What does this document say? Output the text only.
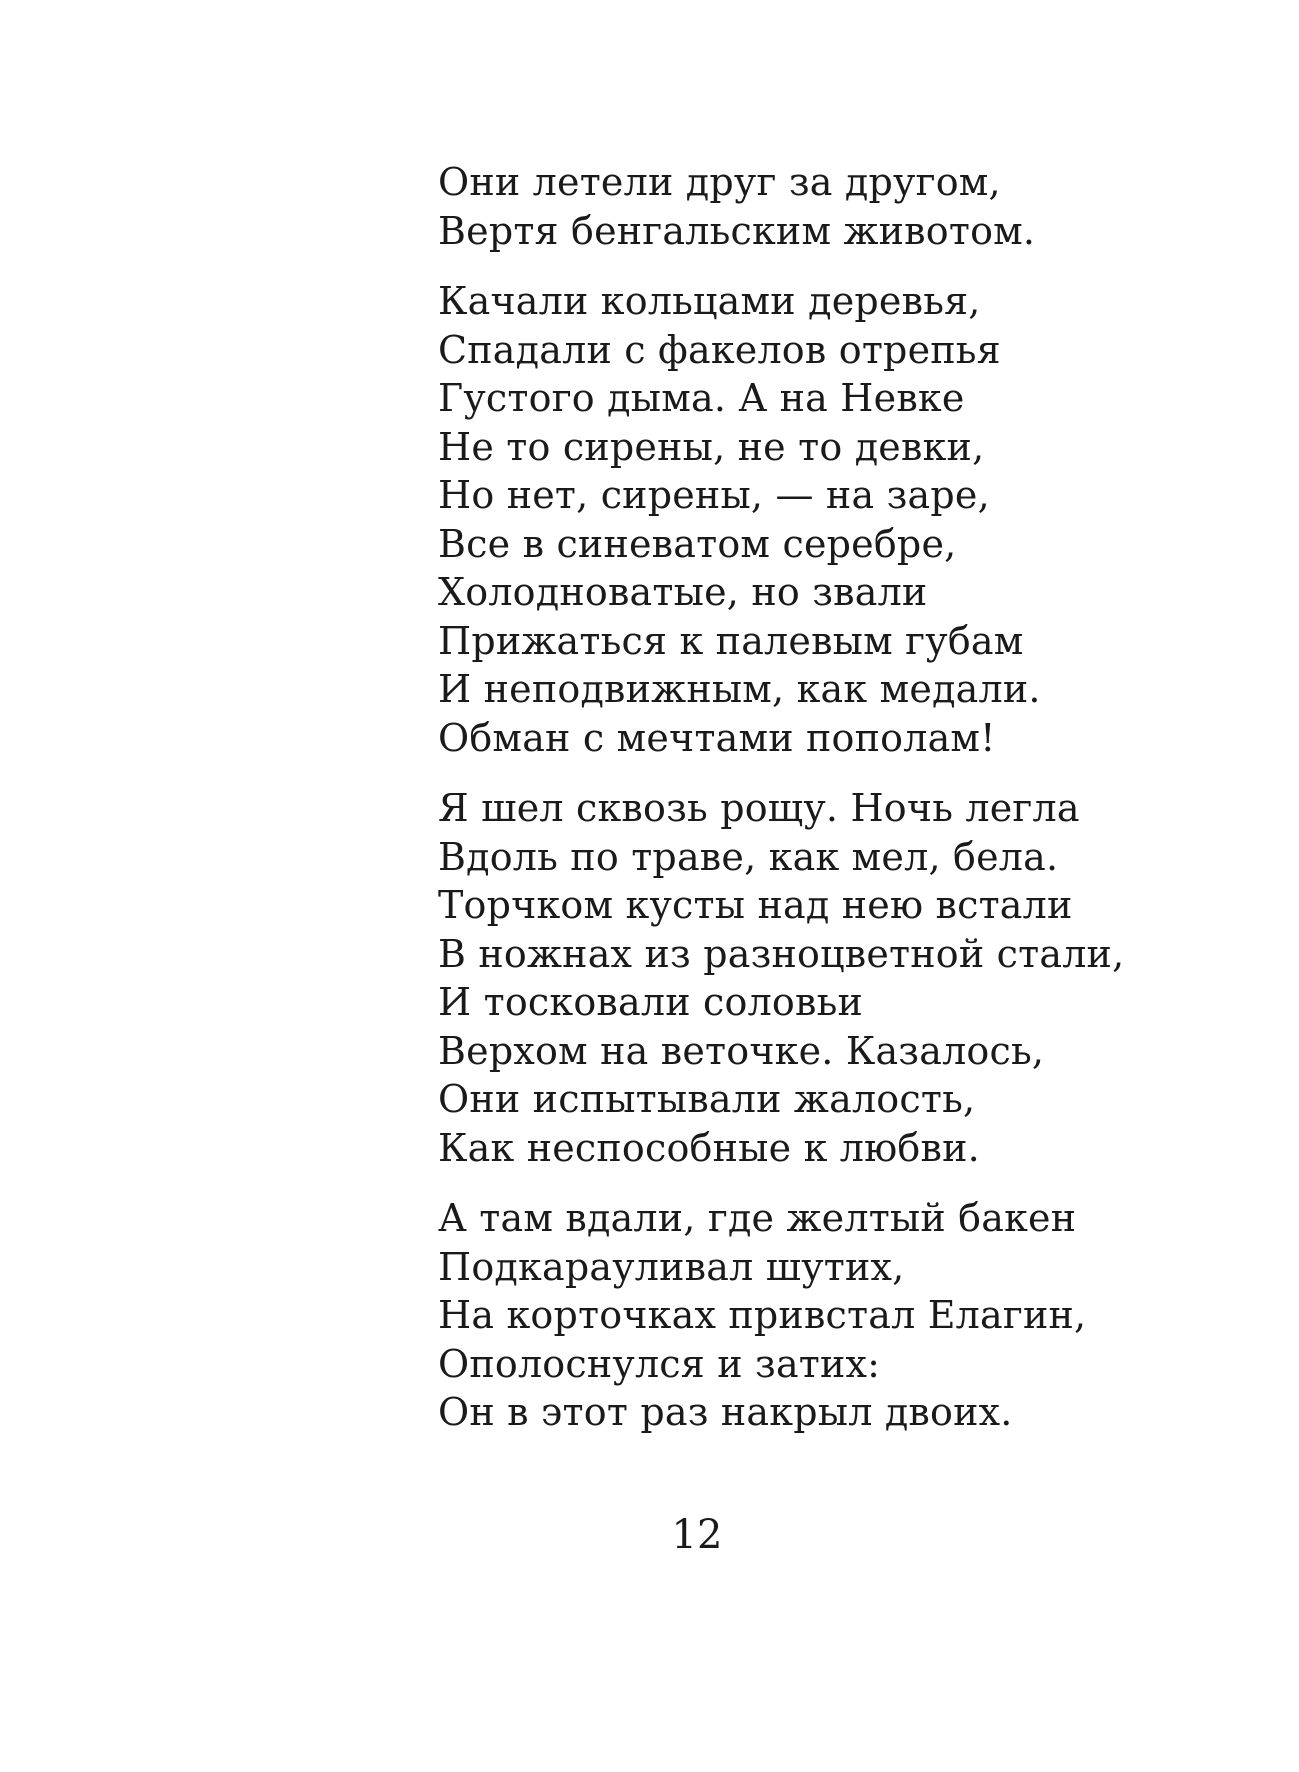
Они летели друг за другом,
Вертя бенгальским животом.
Качали кольцами деревья,
Спадали с факелов отрепья
Густого дыма. А на Невке
Не то сирены, не то девки,
Но нет, сирены, — на заре,
Все в синеватом серебре,
Холодноватые, но звали
Прижаться к палевым губам
И неподвижным, как медали.
Обман с мечтами пополам!
Я шел сквозь рощу. Ночь легла
Вдоль по траве, как мел, бела.
Торчком кусты над нею встали
В ножнах из разноцветной стали,
И тосковали соловьи
Верхом на веточке. Казалось,
Они испытывали жалость,
Как неспособные к любви.
А там вдали, где желтый бакен
Подкарауливал шутих,
На корточках привстал Елагин,
Ополоснулся и затих:
Он в этот раз накрыл двоих.
12
